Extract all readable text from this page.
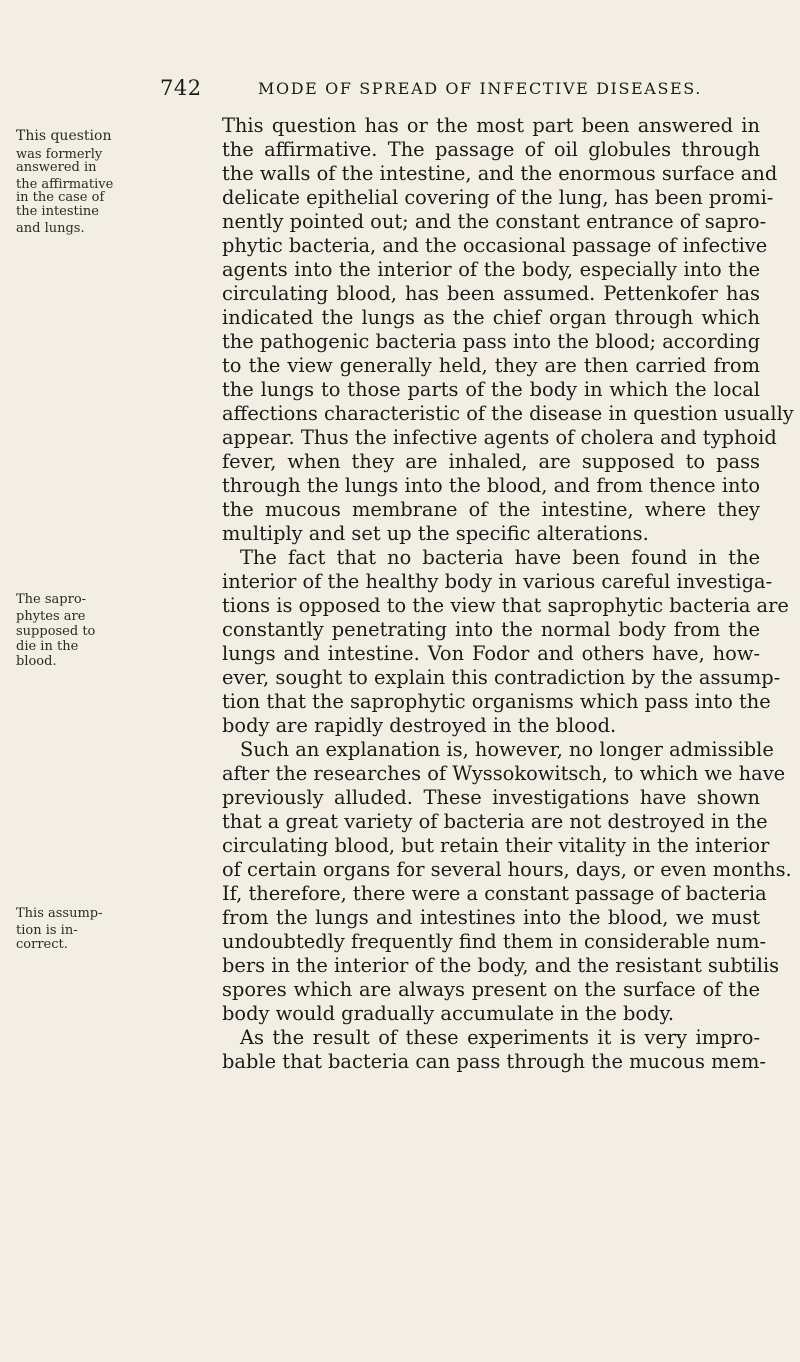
742	MODE OF SPREAD OF INFECTIVE DISEASES.
This question
was formerly
answered in
the affirmative
in the case of
the intestine
and lungs.
The sapro-
phytes are
supposed to
die in the
blood.
This assump-
tion is in-
correct.
This question has or the most part been answered in
the affirmative. The passage of oil globules through
the walls of the intestine, and the enormous surface and
delicate epithelial covering of the lung, has been promi-
nently pointed out; and the constant entrance of sapro-
phytic bacteria, and the occasional passage of infective
agents into the interior of the body, especially into the
circulating blood, has been assumed. Pettenkofer has
indicated the lungs as the chief organ through which
the pathogenic bacteria pass into the blood; according
to the view generally held, they are then carried from
the lungs to those parts of the body in which the local
affections characteristic of the disease in question usually
appear. Thus the infective agents of cholera and typhoid
fever, when they are inhaled, are supposed to pass
through the lungs into the blood, and from thence into
the mucous membrane of the intestine, where they
multiply and set up the specific alterations.
The fact that no bacteria have been found in the
interior of the healthy body in various careful investiga-
tions is opposed to the view that saprophytic bacteria are
constantly penetrating into the normal body from the
lungs and intestine. Von Fodor and others have, how-
ever, sought to explain this contradiction by the assump-
tion that the saprophytic organisms which pass into the
body are rapidly destroyed in the blood.
Such an explanation is, however, no longer admissible
after the researches of Wyssokowitsch, to which we have
previously alluded. These investigations have shown
that a great variety of bacteria are not destroyed in the
circulating blood, but retain their vitality in the interior
of certain organs for several hours, days, or even months.
If, therefore, there were a constant passage of bacteria
from the lungs and intestines into the blood, we must
undoubtedly frequently find them in considerable num-
bers in the interior of the body, and the resistant subtilis
spores which are always present on the surface of the
body would gradually accumulate in the body.
As the result of these experiments it is very impro-
bable that bacteria can pass through the mucous mem-
